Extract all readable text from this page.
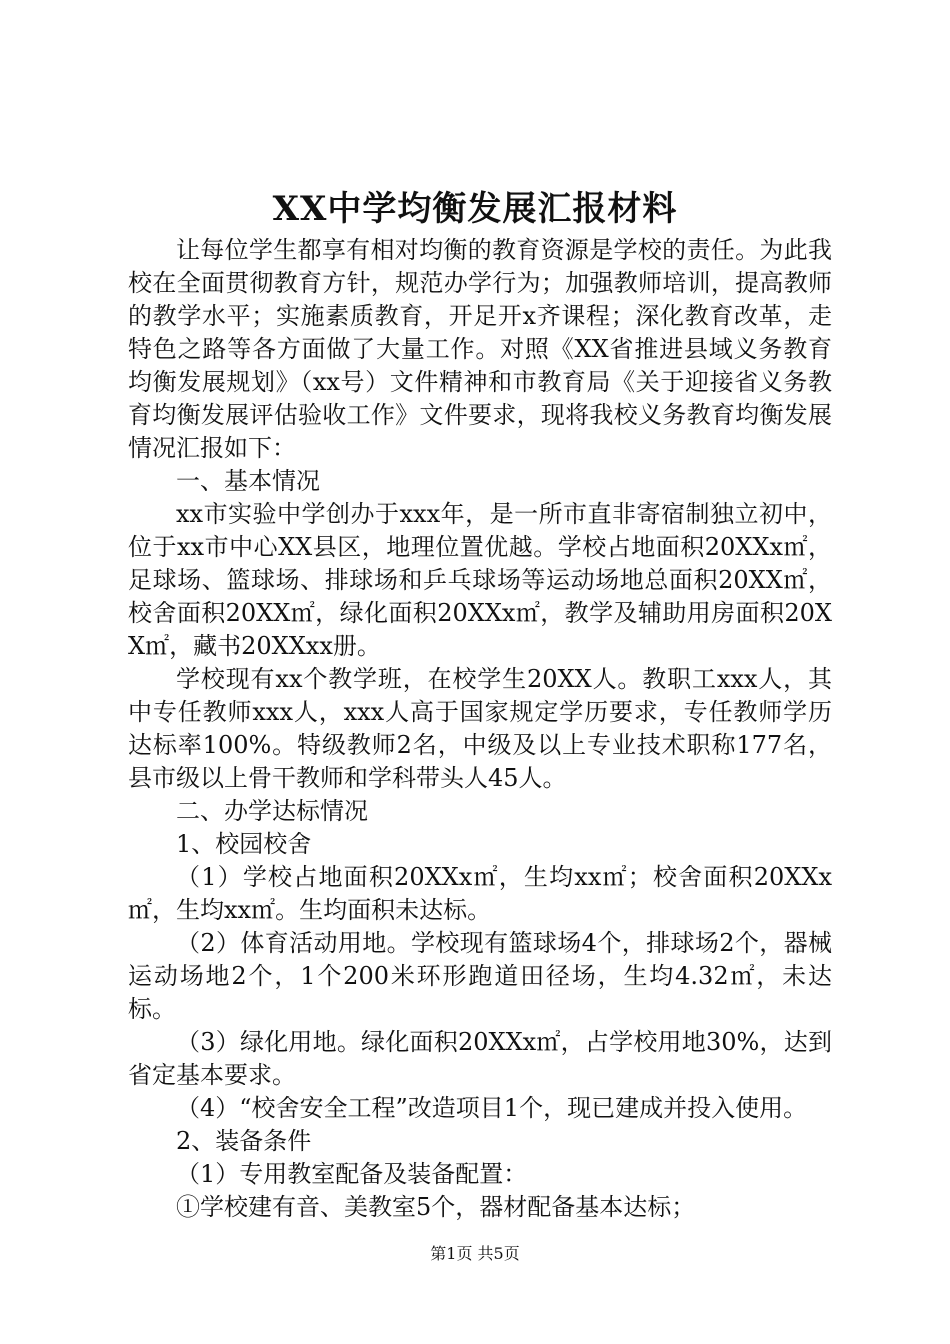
XX中学均衡发展汇报材料

让每位学生都享有相对均衡的教育资源是学校的责任。为此我校在全面贯彻教育方针，规范办学行为；加强教师培训，提高教师的教学水平；实施素质教育，开足开x齐课程；深化教育改革，走特色之路等各方面做了大量工作。对照《XX省推进县域义务教育均衡发展规划》（xx号）文件精神和市教育局《关于迎接省义务教育均衡发展评估验收工作》文件要求，现将我校义务教育均衡发展情况汇报如下：

一、基本情况

xx市实验中学创办于xxx年，是一所市直非寄宿制独立初中，位于xx市中心XX县区，地理位置优越。学校占地面积20XXx㎡，足球场、篮球场、排球场和乒乓球场等运动场地总面积20XX㎡，校舍面积20XX㎡，绿化面积20XXx㎡，教学及辅助用房面积20XX㎡，藏书20XXxx册。

学校现有xx个教学班，在校学生20XX人。教职工xxx人，其中专任教师xxx人，xxx人高于国家规定学历要求，专任教师学历达标率100%。特级教师2名，中级及以上专业技术职称177名，县市级以上骨干教师和学科带头人45人。

二、办学达标情况

1、校园校舍

（1）学校占地面积20XXx㎡，生均xx㎡；校舍面积20XXx㎡，生均xx㎡。生均面积未达标。

（2）体育活动用地。学校现有篮球场4个，排球场2个，器械运动场地2个，1个200米环形跑道田径场，生均4.32㎡，未达标。

（3）绿化用地。绿化面积20XXx㎡，占学校用地30%，达到省定基本要求。

（4）“校舍安全工程”改造项目1个，现已建成并投入使用。

2、装备条件

（1）专用教室配备及装备配置：

①学校建有音、美教室5个，器材配备基本达标；

第1页 共5页
